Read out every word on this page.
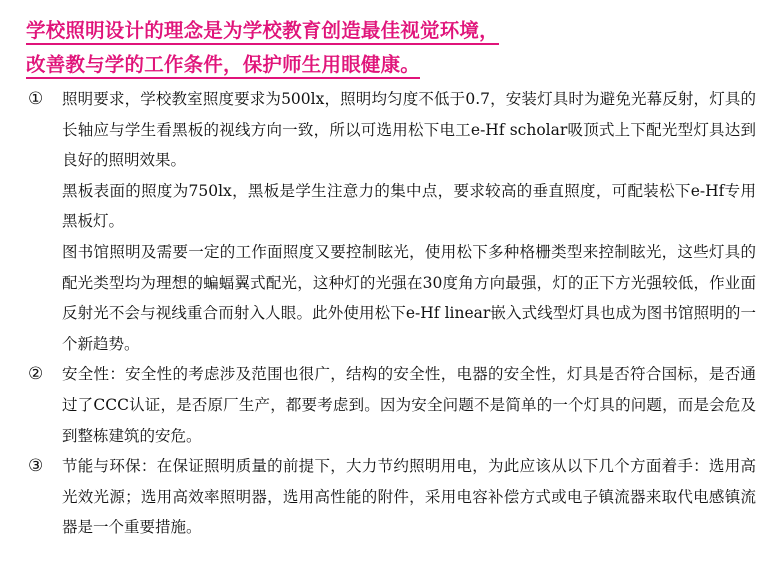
学校照明设计的理念是为学校教育创造最佳视觉环境，
改善教与学的工作条件，保护师生用眼健康。
①	照明要求，学校教室照度要求为500lx，照明均匀度不低于0.7，安装灯具时为避免光幕反射，灯具的长轴应与学生看黑板的视线方向一致，所以可选用松下电工e-Hf scholar吸顶式上下配光型灯具达到良好的照明效果。

黑板表面的照度为750lx，黑板是学生注意力的集中点，要求较高的垂直照度，可配装松下e-Hf专用黑板灯。

图书馆照明及需要一定的工作面照度又要控制眩光，使用松下多种格栅类型来控制眩光，这些灯具的配光类型均为理想的蝙蝠翼式配光，这种灯的光强在30度角方向最强，灯的正下方光强较低，作业面反射光不会与视线重合而射入人眼。此外使用松下e-Hf linear嵌入式线型灯具也成为图书馆照明的一个新趋势。

②	安全性：安全性的考虑涉及范围也很广，结构的安全性，电器的安全性，灯具是否符合国标，是否通过了CCC认证，是否原厂生产，都要考虑到。因为安全问题不是简单的一个灯具的问题，而是会危及到整栋建筑的安危。

③	节能与环保：在保证照明质量的前提下，大力节约照明用电，为此应该从以下几个方面着手：选用高光效光源；选用高效率照明器，选用高性能的附件，采用电容补偿方式或电子镇流器来取代电感镇流器是一个重要措施。
